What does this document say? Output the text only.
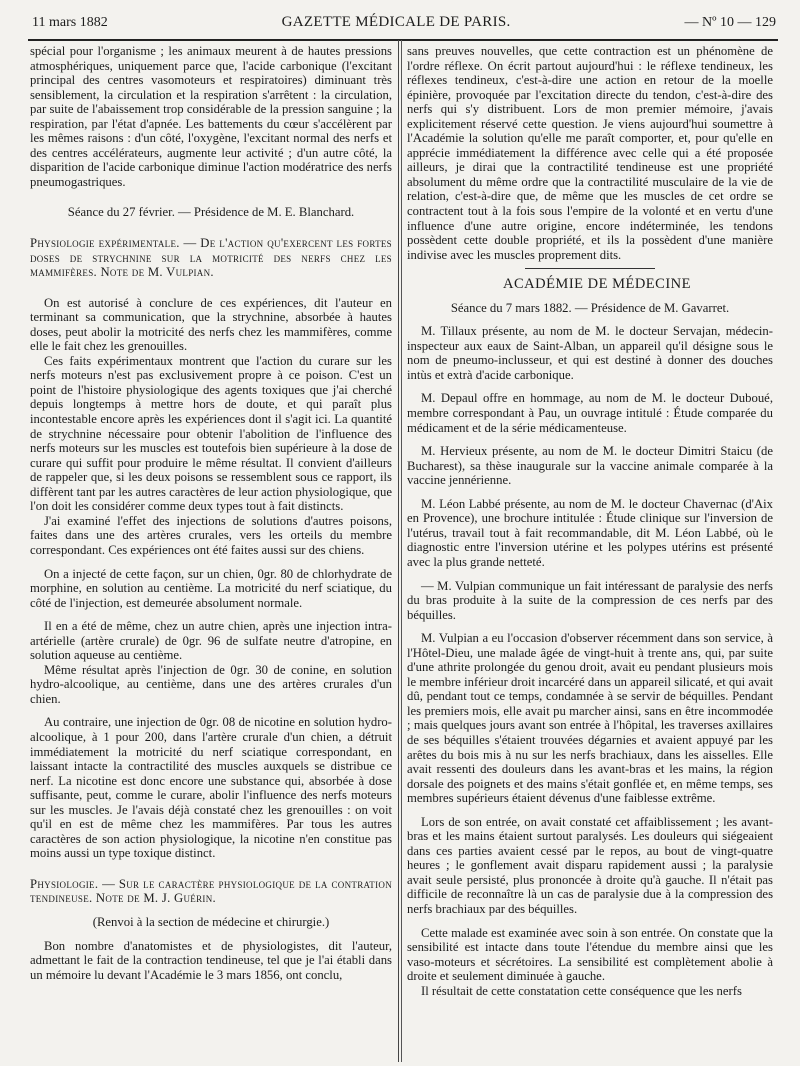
11 mars 1882	GAZETTE MÉDICALE DE PARIS.	— Nº 10 — 129

spécial pour l'organisme ; les animaux meurent à de hautes pressions atmosphériques, uniquement parce que, l'acide carbonique (l'excitant principal des centres vasomoteurs et respiratoires) diminuant très sensiblement, la circulation et la respiration s'arrêtent : la circulation, par suite de l'abaissement trop considérable de la pression sanguine ; la respiration, par l'état d'apnée. Les battements du cœur s'accélèrent par les mêmes raisons : d'un côté, l'oxygène, l'excitant normal des nerfs et des centres accélérateurs, augmente leur activité ; d'un autre côté, la disparition de l'acide carbonique diminue l'action modératrice des nerfs pneumogastriques.

Séance du 27 février. — Présidence de M. E. Blanchard.

Physiologie expérimentale. — De l'action qu'exercent les fortes doses de strychnine sur la motricité des nerfs chez les mammifères. Note de M. Vulpian.

On est autorisé à conclure de ces expériences, dit l'auteur en terminant sa communication, que la strychnine, absorbée à hautes doses, peut abolir la motricité des nerfs chez les mammifères, comme elle le fait chez les grenouilles.

Ces faits expérimentaux montrent que l'action du curare sur les nerfs moteurs n'est pas exclusivement propre à ce poison. C'est un point de l'histoire physiologique des agents toxiques que j'ai cherché depuis longtemps à mettre hors de doute, et qui paraît plus incontestable encore après les expériences dont il s'agit ici. La quantité de strychnine nécessaire pour obtenir l'abolition de l'influence des nerfs moteurs sur les muscles est toutefois bien supérieure à la dose de curare qui suffit pour produire le même résultat. Il convient d'ailleurs de rappeler que, si les deux poisons se ressemblent sous ce rapport, ils diffèrent tant par les autres caractères de leur action physiologique, que l'on doit les considérer comme deux types tout à fait distincts.

J'ai examiné l'effet des injections de solutions d'autres poisons, faites dans une des artères crurales, vers les orteils du membre correspondant. Ces expériences ont été faites aussi sur des chiens.

On a injecté de cette façon, sur un chien, 0gr. 80 de chlorhydrate de morphine, en solution au centième. La motricité du nerf sciatique, du côté de l'injection, est demeurée absolument normale.

Il en a été de même, chez un autre chien, après une injection intra-artérielle (artère crurale) de 0gr. 96 de sulfate neutre d'atropine, en solution aqueuse au centième.

Même résultat après l'injection de 0gr. 30 de conine, en solution hydro-alcoolique, au centième, dans une des artères crurales d'un chien.

Au contraire, une injection de 0gr. 08 de nicotine en solution hydro-alcoolique, à 1 pour 200, dans l'artère crurale d'un chien, a détruit immédiatement la motricité du nerf sciatique correspondant, en laissant intacte la contractilité des muscles auxquels se distribue ce nerf. La nicotine est donc encore une substance qui, absorbée à dose suffisante, peut, comme le curare, abolir l'influence des nerfs moteurs sur les muscles. Je l'avais déjà constaté chez les grenouilles : on voit qu'il en est de même chez les mammifères. Par tous les autres caractères de son action physiologique, la nicotine n'en constitue pas moins aussi un type toxique distinct.

Physiologie. — Sur le caractère physiologique de la contration tendineuse. Note de M. J. Guérin.

(Renvoi à la section de médecine et chirurgie.)

Bon nombre d'anatomistes et de physiologistes, dit l'auteur, admettant le fait de la contraction tendineuse, tel que je l'ai établi dans un mémoire lu devant l'Académie le 3 mars 1856, ont conclu,

sans preuves nouvelles, que cette contraction est un phénomène de l'ordre réflexe. On écrit partout aujourd'hui : le réflexe tendineux, les réflexes tendineux, c'est-à-dire une action en retour de la moelle épinière, provoquée par l'excitation directe du tendon, c'est-à-dire des nerfs qui s'y distribuent. Lors de mon premier mémoire, j'avais explicitement réservé cette question. Je viens aujourd'hui soumettre à l'Académie la solution qu'elle me paraît comporter, et, pour qu'elle en apprécie immédiatement la différence avec celle qui a été proposée ailleurs, je dirai que la contractilité tendineuse est une propriété absolument du même ordre que la contractilité musculaire de la vie de relation, c'est-à-dire que, de même que les muscles de cet ordre se contractent tout à la fois sous l'empire de la volonté et en vertu d'une influence d'une autre origine, encore indéterminée, les tendons possèdent cette double propriété, et ils la possèdent d'une manière indivise avec les muscles proprement dits.

ACADÉMIE DE MÉDECINE

Séance du 7 mars 1882. — Présidence de M. Gavarret.

M. Tillaux présente, au nom de M. le docteur Servajan, médecin-inspecteur aux eaux de Saint-Alban, un appareil qu'il désigne sous le nom de pneumo-inclusseur, et qui est destiné à donner des douches intùs et extrà d'acide carbonique.

M. Depaul offre en hommage, au nom de M. le docteur Duboué, membre correspondant à Pau, un ouvrage intitulé : Étude comparée du médicament et de la série médicamenteuse.

M. Hervieux présente, au nom de M. le docteur Dimitri Staicu (de Bucharest), sa thèse inaugurale sur la vaccine animale comparée à la vaccine jennérienne.

M. Léon Labbé présente, au nom de M. le docteur Chavernac (d'Aix en Provence), une brochure intitulée : Étude clinique sur l'inversion de l'utérus, travail tout à fait recommandable, dit M. Léon Labbé, où le diagnostic entre l'inversion utérine et les polypes utérins est présenté avec la plus grande netteté.

— M. Vulpian communique un fait intéressant de paralysie des nerfs du bras produite à la suite de la compression de ces nerfs par des béquilles.

M. Vulpian a eu l'occasion d'observer récemment dans son service, à l'Hôtel-Dieu, une malade âgée de vingt-huit à trente ans, qui, par suite d'une athrite prolongée du genou droit, avait eu pendant plusieurs mois le membre inférieur droit incarcéré dans un appareil silicaté, et qui avait dû, pendant tout ce temps, condamnée à se servir de béquilles. Pendant les premiers mois, elle avait pu marcher ainsi, sans en être incommodée ; mais quelques jours avant son entrée à l'hôpital, les traverses axillaires de ses béquilles s'étaient trouvées dégarnies et avaient appuyé par les arêtes du bois mis à nu sur les nerfs brachiaux, dans les aisselles. Elle avait ressenti des douleurs dans les avant-bras et les mains, la région dorsale des poignets et des mains s'était gonflée et, en même temps, ses membres supérieurs étaient dévenus d'une faiblesse extrême.

Lors de son entrée, on avait constaté cet affaiblissement ; les avant-bras et les mains étaient surtout paralysés. Les douleurs qui siégeaient dans ces parties avaient cessé par le repos, au bout de vingt-quatre heures ; le gonflement avait disparu rapidement aussi ; la paralysie avait seule persisté, plus prononcée à droite qu'à gauche. Il n'était pas difficile de reconnaître là un cas de paralysie due à la compression des nerfs brachiaux par des béquilles.

Cette malade est examinée avec soin à son entrée. On constate que la sensibilité est intacte dans toute l'étendue du membre ainsi que les vaso-moteurs et sécrétoires. La sensibilité est complètement abolie à droite et seulement diminuée à gauche.

Il résultait de cette constatation cette conséquence que les nerfs
